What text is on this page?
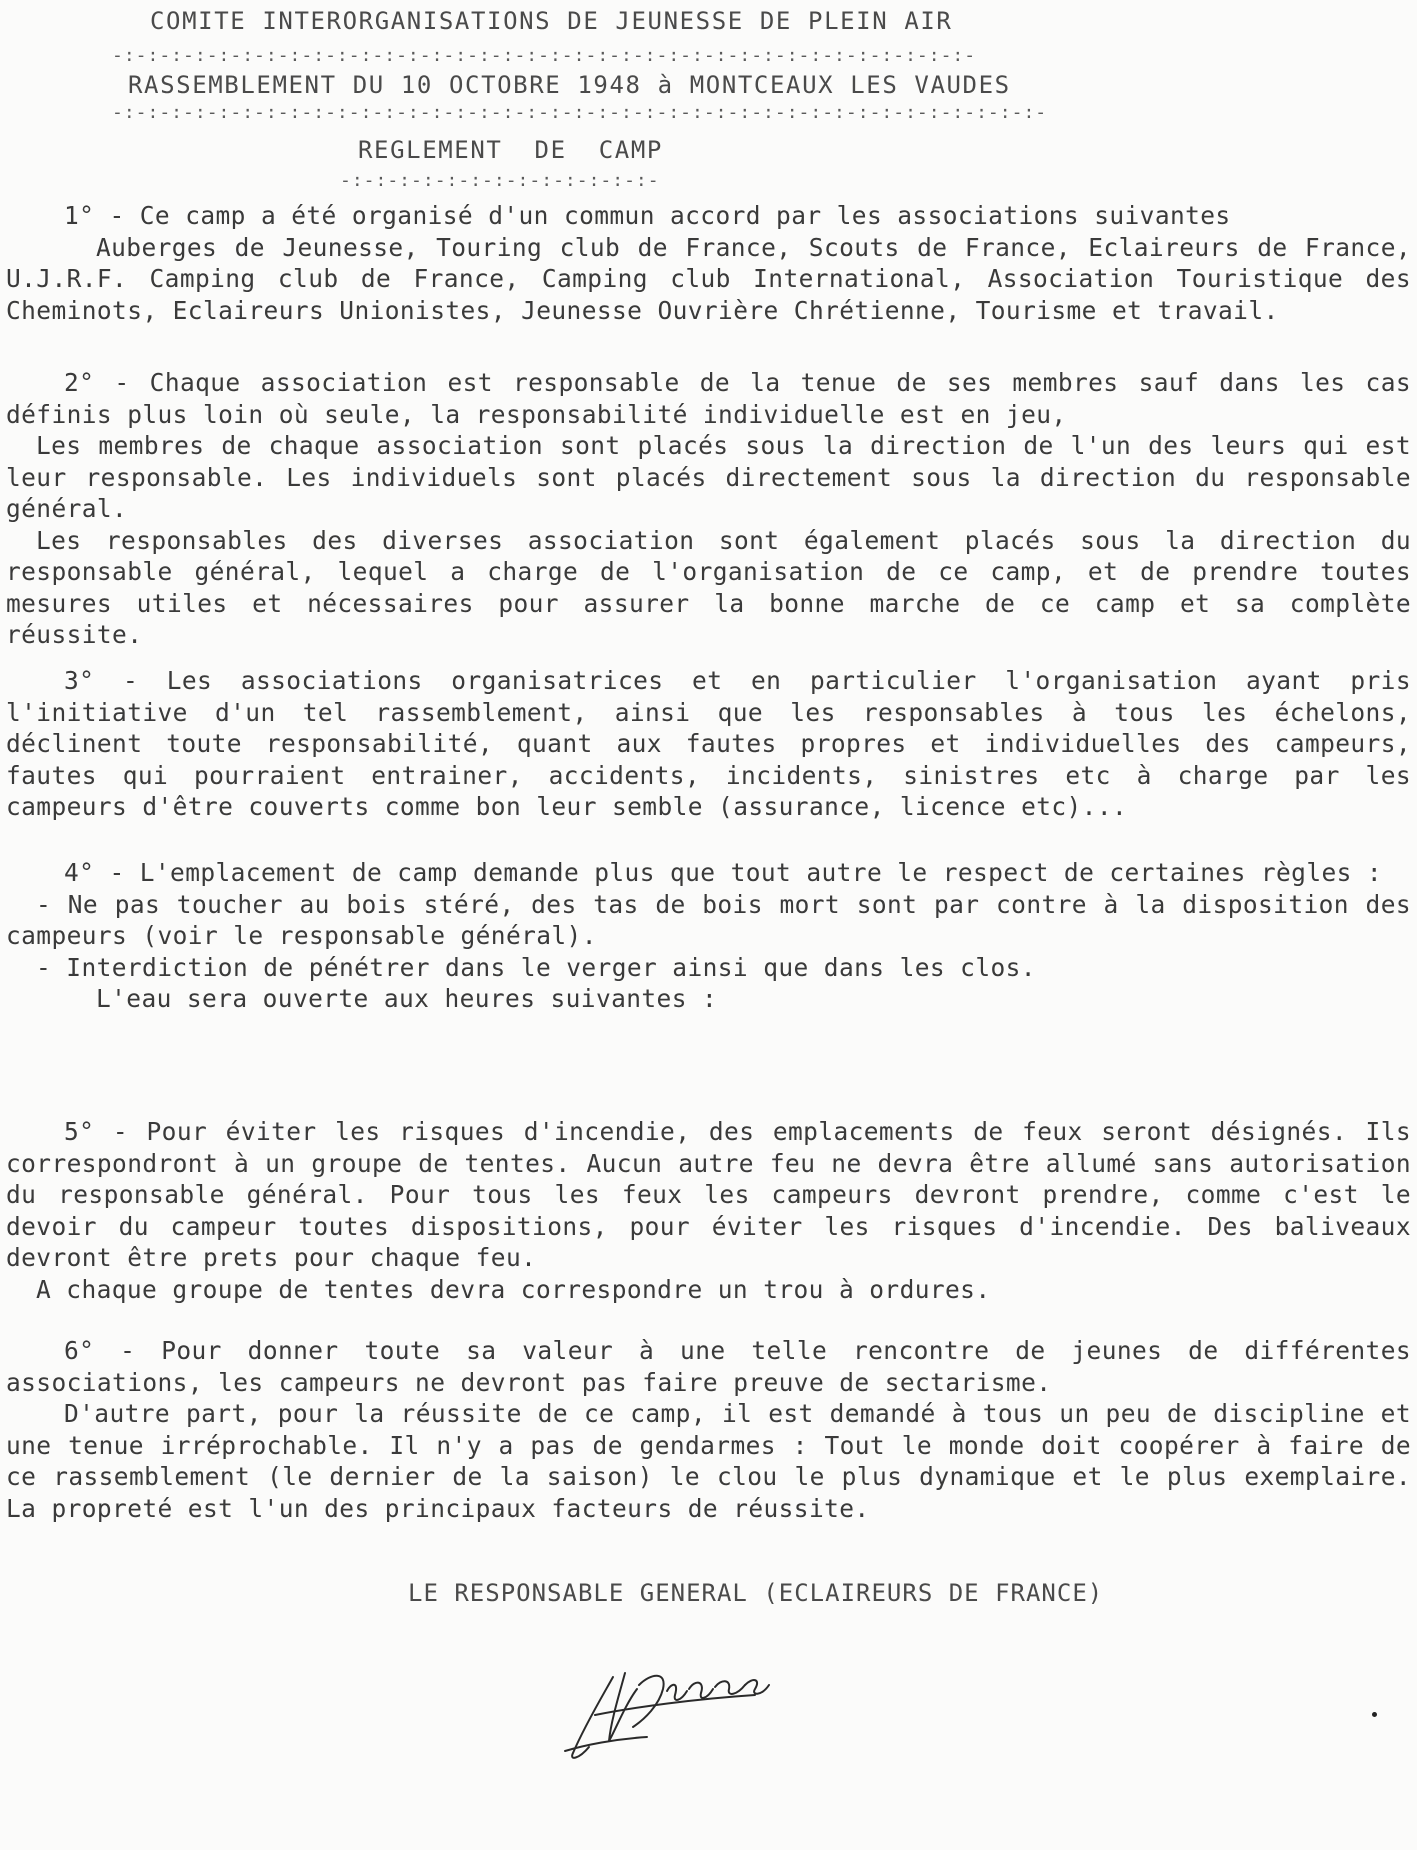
COMITE INTERORGANISATIONS DE JEUNESSE DE PLEIN AIR
-:-:-:-:-:-:-:-:-:-:-:-:-:-:-:-:-:-:-:-:-:-:-:-:-:-:-:-:-:-:-:-:-:-:-:-:-
RASSEMBLEMENT DU 10 OCTOBRE 1948 à MONTCEAUX LES VAUDES
-:-:-:-:-:-:-:-:-:-:-:-:-:-:-:-:-:-:-:-:-:-:-:-:-:-:-:-:-:-:-:-:-:-:-:-:-:-:-:-
REGLEMENT  DE  CAMP
-:-:-:-:-:-:-:-:-:-:-:-:-:-
1° - Ce camp a été organisé d'un commun accord par les associations suivantes
Auberges de Jeunesse, Touring club de France, Scouts de France, Eclaireurs de France, U.J.R.F. Camping club de France, Camping club International, Association Touristique des Cheminots, Eclaireurs Unionistes, Jeunesse Ouvrière Chrétienne, Tourisme et travail.
2° - Chaque association est responsable de la tenue de ses membres sauf dans les cas définis plus loin où seule, la responsabilité individuelle est en jeu,
Les membres de chaque association sont placés sous la direction de l'un des leurs qui est leur responsable. Les individuels sont placés directement sous la direction du responsable général.
Les responsables des diverses association sont également placés sous la direction du responsable général, lequel a charge de l'organisation de ce camp, et de prendre toutes mesures utiles et nécessaires pour assurer la bonne marche de ce camp et sa complète réussite.
3° - Les associations organisatrices et en particulier l'organisation ayant pris l'initiative d'un tel rassemblement, ainsi que les responsables à tous les échelons, déclinent toute responsabilité, quant aux fautes propres et individuelles des campeurs, fautes qui pourraient entrainer, accidents, incidents, sinistres etc à charge par les campeurs d'être couverts comme bon leur semble (assurance, licence etc)...
4° - L'emplacement de camp demande plus que tout autre le respect de certaines règles :
- Ne pas toucher au bois stéré, des tas de bois mort sont par contre à la disposition des campeurs (voir le responsable général).
- Interdiction de pénétrer dans le verger ainsi que dans les clos.
L'eau sera ouverte aux heures suivantes :
5° - Pour éviter les risques d'incendie, des emplacements de feux seront désignés. Ils correspondront à un groupe de tentes. Aucun autre feu ne devra être allumé sans autorisation du responsable général. Pour tous les feux les campeurs devront prendre, comme c'est le devoir du campeur toutes dispositions, pour éviter les risques d'incendie. Des baliveaux devront être prets pour chaque feu.
A chaque groupe de tentes devra correspondre un trou à ordures.
6° - Pour donner toute sa valeur à une telle rencontre de jeunes de différentes associations, les campeurs ne devront pas faire preuve de sectarisme.
D'autre part, pour la réussite de ce camp, il est demandé à tous un peu de discipline et une tenue irréprochable. Il n'y a pas de gendarmes : Tout le monde doit coopérer à faire de ce rassemblement (le dernier de la saison) le clou le plus dynamique et le plus exemplaire. La propreté est l'un des principaux facteurs de réussite.
LE RESPONSABLE GENERAL (ECLAIREURS DE FRANCE)
